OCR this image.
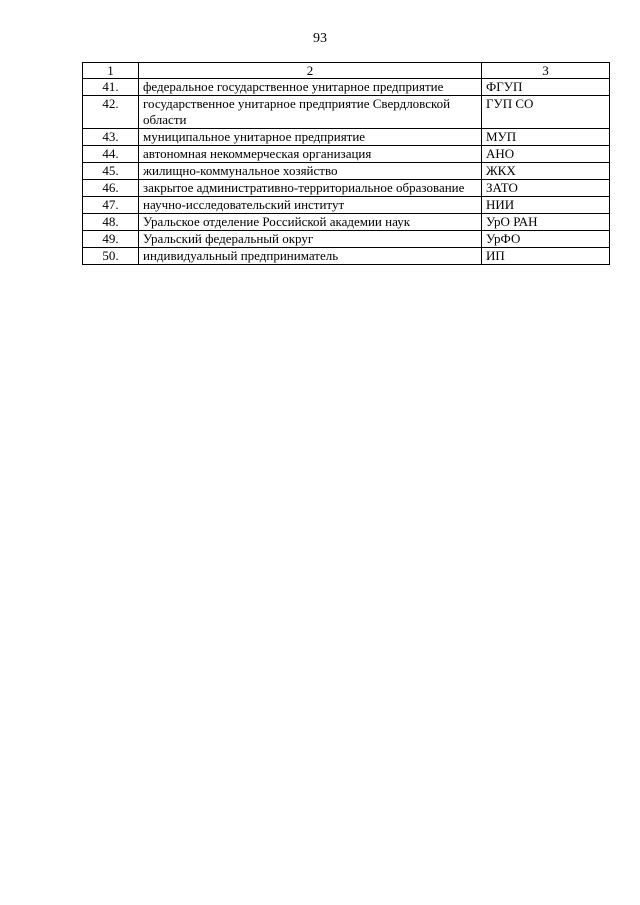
93
1	2	3
41.	федеральное государственное унитарное предприятие	ФГУП
42.	государственное унитарное предприятие Свердловской области	ГУП СО
43.	муниципальное унитарное предприятие	МУП
44.	автономная некоммерческая организация	АНО
45.	жилищно-коммунальное хозяйство	ЖКХ
46.	закрытое административно-территориальное образование	ЗАТО
47.	научно-исследовательский институт	НИИ
48.	Уральское отделение Российской академии наук	УрО РАН
49.	Уральский федеральный округ	УрФО
50.	индивидуальный предприниматель	ИП
